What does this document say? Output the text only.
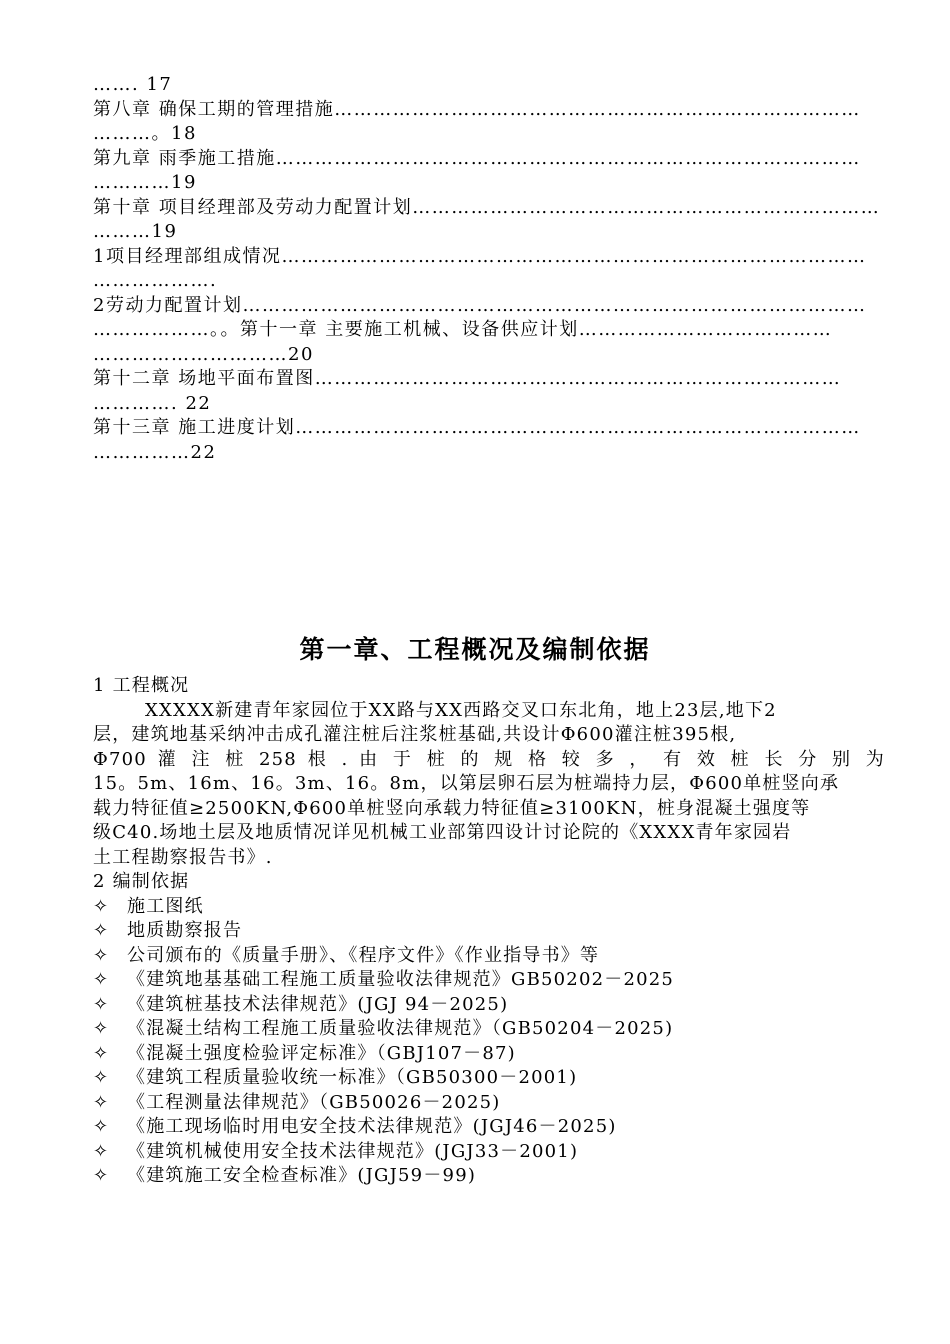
……. 17
第八章 确保工期的管理措施………………………………………………………………………
………。18
第九章 雨季施工措施………………………………………………………………………………
…………19
第十章 项目经理部及劳动力配置计划………………………………………………………………
………19
1项目经理部组成情况………………………………………………………………………………
……………….
2劳动力配置计划……………………………………………………………………………………
………………。。第十一章 主要施工机械、设备供应计划…………………………………
…………………………20
第十二章 场地平面布置图………………………………………………………………………
…………. 22
第十三章 施工进度计划……………………………………………………………………………
……………22
第一章、工程概况及编制依据
1 工程概况
XXXXX新建青年家园位于XX路与XX西路交叉口东北角，地上23层,地下2
层，建筑地基采纳冲击成孔灌注桩后注浆桩基础,共设计Φ600灌注桩395根,
Φ700 灌 注 桩 258 根 . 由 于 桩 的 规 格 较 多 ， 有 效 桩 长 分 别 为
15。5m、16m、16。3m、16。8m，以第层卵石层为桩端持力层，Φ600单桩竖向承
载力特征值≥2500KN,Φ600单桩竖向承载力特征值≥3100KN，桩身混凝土强度等
级C40.场地土层及地质情况详见机械工业部第四设计讨论院的《XXXX青年家园岩
土工程勘察报告书》.
2 编制依据
✧ 施工图纸
✧ 地质勘察报告
✧ 公司颁布的《质量手册》、《程序文件》《作业指导书》等
✧ 《建筑地基基础工程施工质量验收法律规范》GB50202－2025
✧ 《建筑桩基技术法律规范》(JGJ 94－2025)
✧ 《混凝土结构工程施工质量验收法律规范》（GB50204－2025)
✧ 《混凝土强度检验评定标准》（GBJ107－87)
✧ 《建筑工程质量验收统一标准》（GB50300－2001)
✧ 《工程测量法律规范》（GB50026－2025)
✧ 《施工现场临时用电安全技术法律规范》(JGJ46－2025)
✧ 《建筑机械使用安全技术法律规范》(JGJ33－2001)
✧ 《建筑施工安全检查标准》(JGJ59－99)
